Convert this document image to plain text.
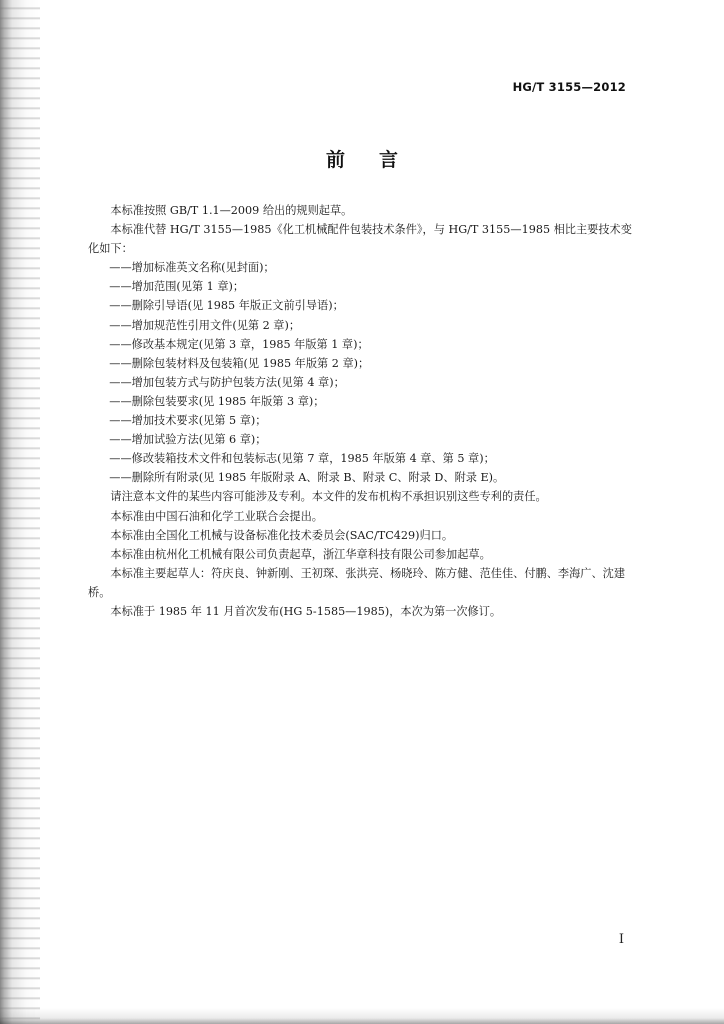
HG/T 3155—2012
前言

本标准按照 GB/T 1.1—2009 给出的规则起草。

本标准代替 HG/T 3155—1985《化工机械配件包装技术条件》，与 HG/T 3155—1985 相比主要技术变化如下：

——增加标准英文名称(见封面)；

——增加范围(见第 1 章)；

——删除引导语(见 1985 年版正文前引导语)；

——增加规范性引用文件(见第 2 章)；

——修改基本规定(见第 3 章，1985 年版第 1 章)；

——删除包装材料及包装箱(见 1985 年版第 2 章)；

——增加包装方式与防护包装方法(见第 4 章)；

——删除包装要求(见 1985 年版第 3 章)；

——增加技术要求(见第 5 章)；

——增加试验方法(见第 6 章)；

——修改装箱技术文件和包装标志(见第 7 章，1985 年版第 4 章、第 5 章)；

——删除所有附录(见 1985 年版附录 A、附录 B、附录 C、附录 D、附录 E)。

请注意本文件的某些内容可能涉及专利。本文件的发布机构不承担识别这些专利的责任。

本标准由中国石油和化学工业联合会提出。

本标准由全国化工机械与设备标准化技术委员会(SAC/TC429)归口。

本标准由杭州化工机械有限公司负责起草，浙江华章科技有限公司参加起草。

本标准主要起草人：符庆良、钟新刚、王初琛、张洪亮、杨晓玲、陈方健、范佳佳、付鹏、李海广、沈建桥。

本标准于 1985 年 11 月首次发布(HG 5-1585—1985)，本次为第一次修订。

I
